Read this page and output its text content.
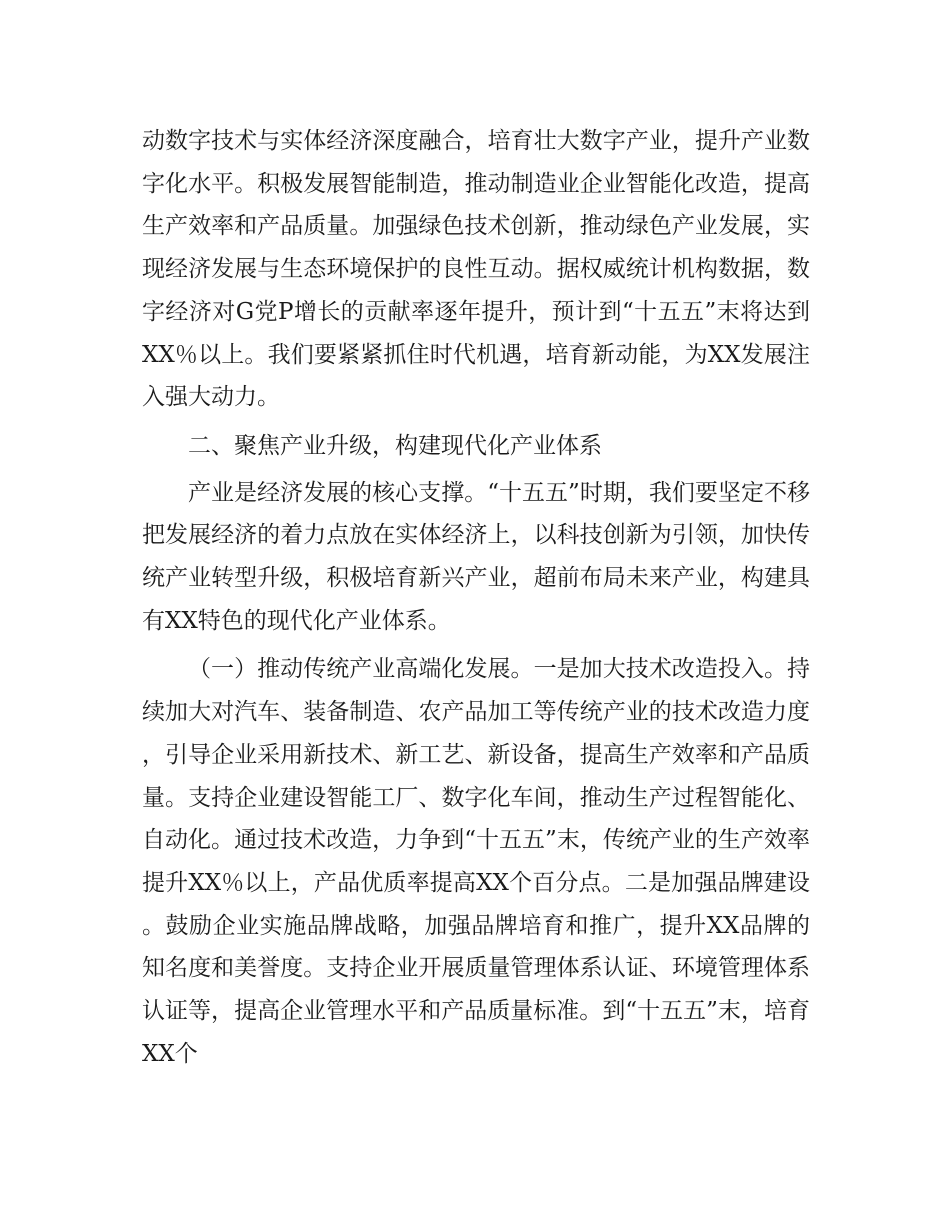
动数字技术与实体经济深度融合，培育壮大数字产业，提升产业数字化水平。积极发展智能制造，推动制造业企业智能化改造，提高生产效率和产品质量。加强绿色技术创新，推动绿色产业发展，实现经济发展与生态环境保护的良性互动。据权威统计机构数据，数字经济对G党P增长的贡献率逐年提升，预计到“十五五”末将达到XX％以上。我们要紧紧抓住时代机遇，培育新动能，为XX发展注入强大动力。

二、聚焦产业升级，构建现代化产业体系

产业是经济发展的核心支撑。“十五五”时期，我们要坚定不移把发展经济的着力点放在实体经济上，以科技创新为引领，加快传统产业转型升级，积极培育新兴产业，超前布局未来产业，构建具有XX特色的现代化产业体系。

（一）推动传统产业高端化发展。一是加大技术改造投入。持续加大对汽车、装备制造、农产品加工等传统产业的技术改造力度，引导企业采用新技术、新工艺、新设备，提高生产效率和产品质量。支持企业建设智能工厂、数字化车间，推动生产过程智能化、自动化。通过技术改造，力争到“十五五”末，传统产业的生产效率提升XX％以上，产品优质率提高XX个百分点。二是加强品牌建设。鼓励企业实施品牌战略，加强品牌培育和推广，提升XX品牌的知名度和美誉度。支持企业开展质量管理体系认证、环境管理体系认证等，提高企业管理水平和产品质量标准。到“十五五”末，培育XX个
